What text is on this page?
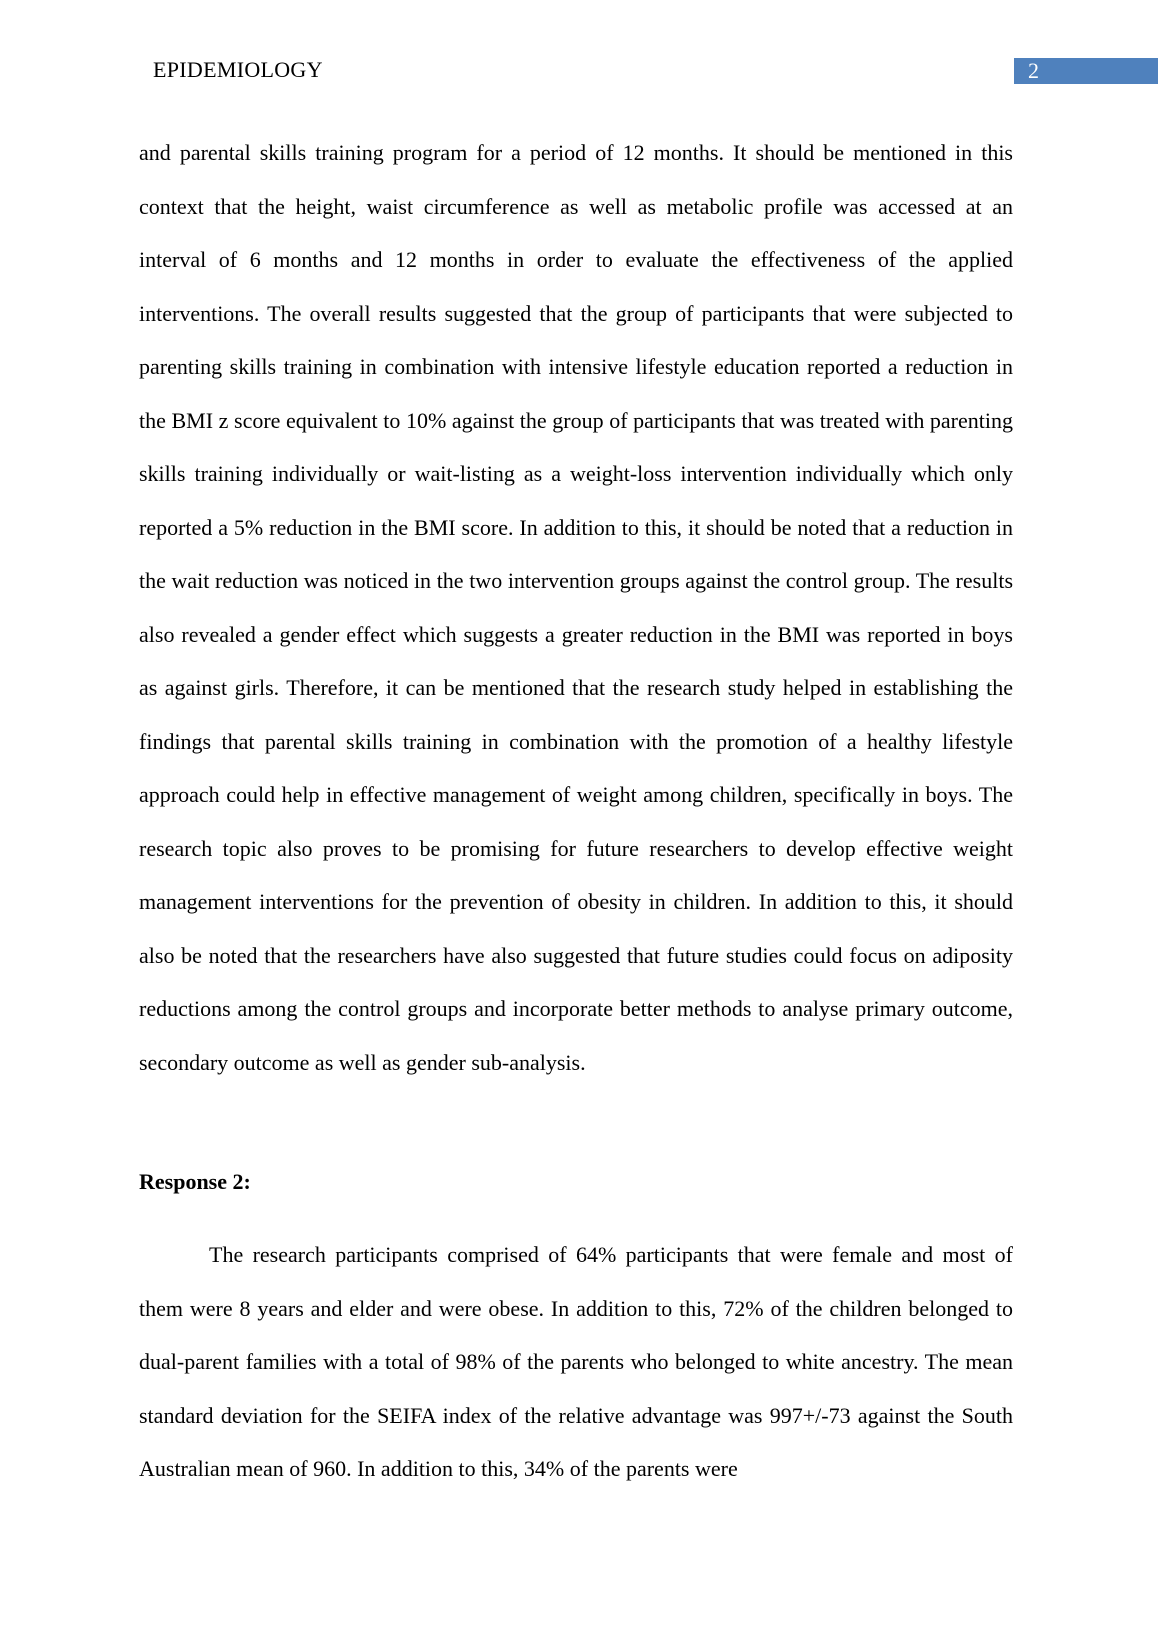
EPIDEMIOLOGY	2

and parental skills training program for a period of 12 months. It should be mentioned in this context that the height, waist circumference as well as metabolic profile was accessed at an interval of 6 months and 12 months in order to evaluate the effectiveness of the applied interventions. The overall results suggested that the group of participants that were subjected to parenting skills training in combination with intensive lifestyle education reported a reduction in the BMI z score equivalent to 10% against the group of participants that was treated with parenting skills training individually or wait-listing as a weight-loss intervention individually which only reported a 5% reduction in the BMI score. In addition to this, it should be noted that a reduction in the wait reduction was noticed in the two intervention groups against the control group. The results also revealed a gender effect which suggests a greater reduction in the BMI was reported in boys as against girls. Therefore, it can be mentioned that the research study helped in establishing the findings that parental skills training in combination with the promotion of a healthy lifestyle approach could help in effective management of weight among children, specifically in boys. The research topic also proves to be promising for future researchers to develop effective weight management interventions for the prevention of obesity in children. In addition to this, it should also be noted that the researchers have also suggested that future studies could focus on adiposity reductions among the control groups and incorporate better methods to analyse primary outcome, secondary outcome as well as gender sub-analysis.

Response 2:

The research participants comprised of 64% participants that were female and most of them were 8 years and elder and were obese. In addition to this, 72% of the children belonged to dual-parent families with a total of 98% of the parents who belonged to white ancestry. The mean standard deviation for the SEIFA index of the relative advantage was 997+/-73 against the South Australian mean of 960. In addition to this, 34% of the parents were
